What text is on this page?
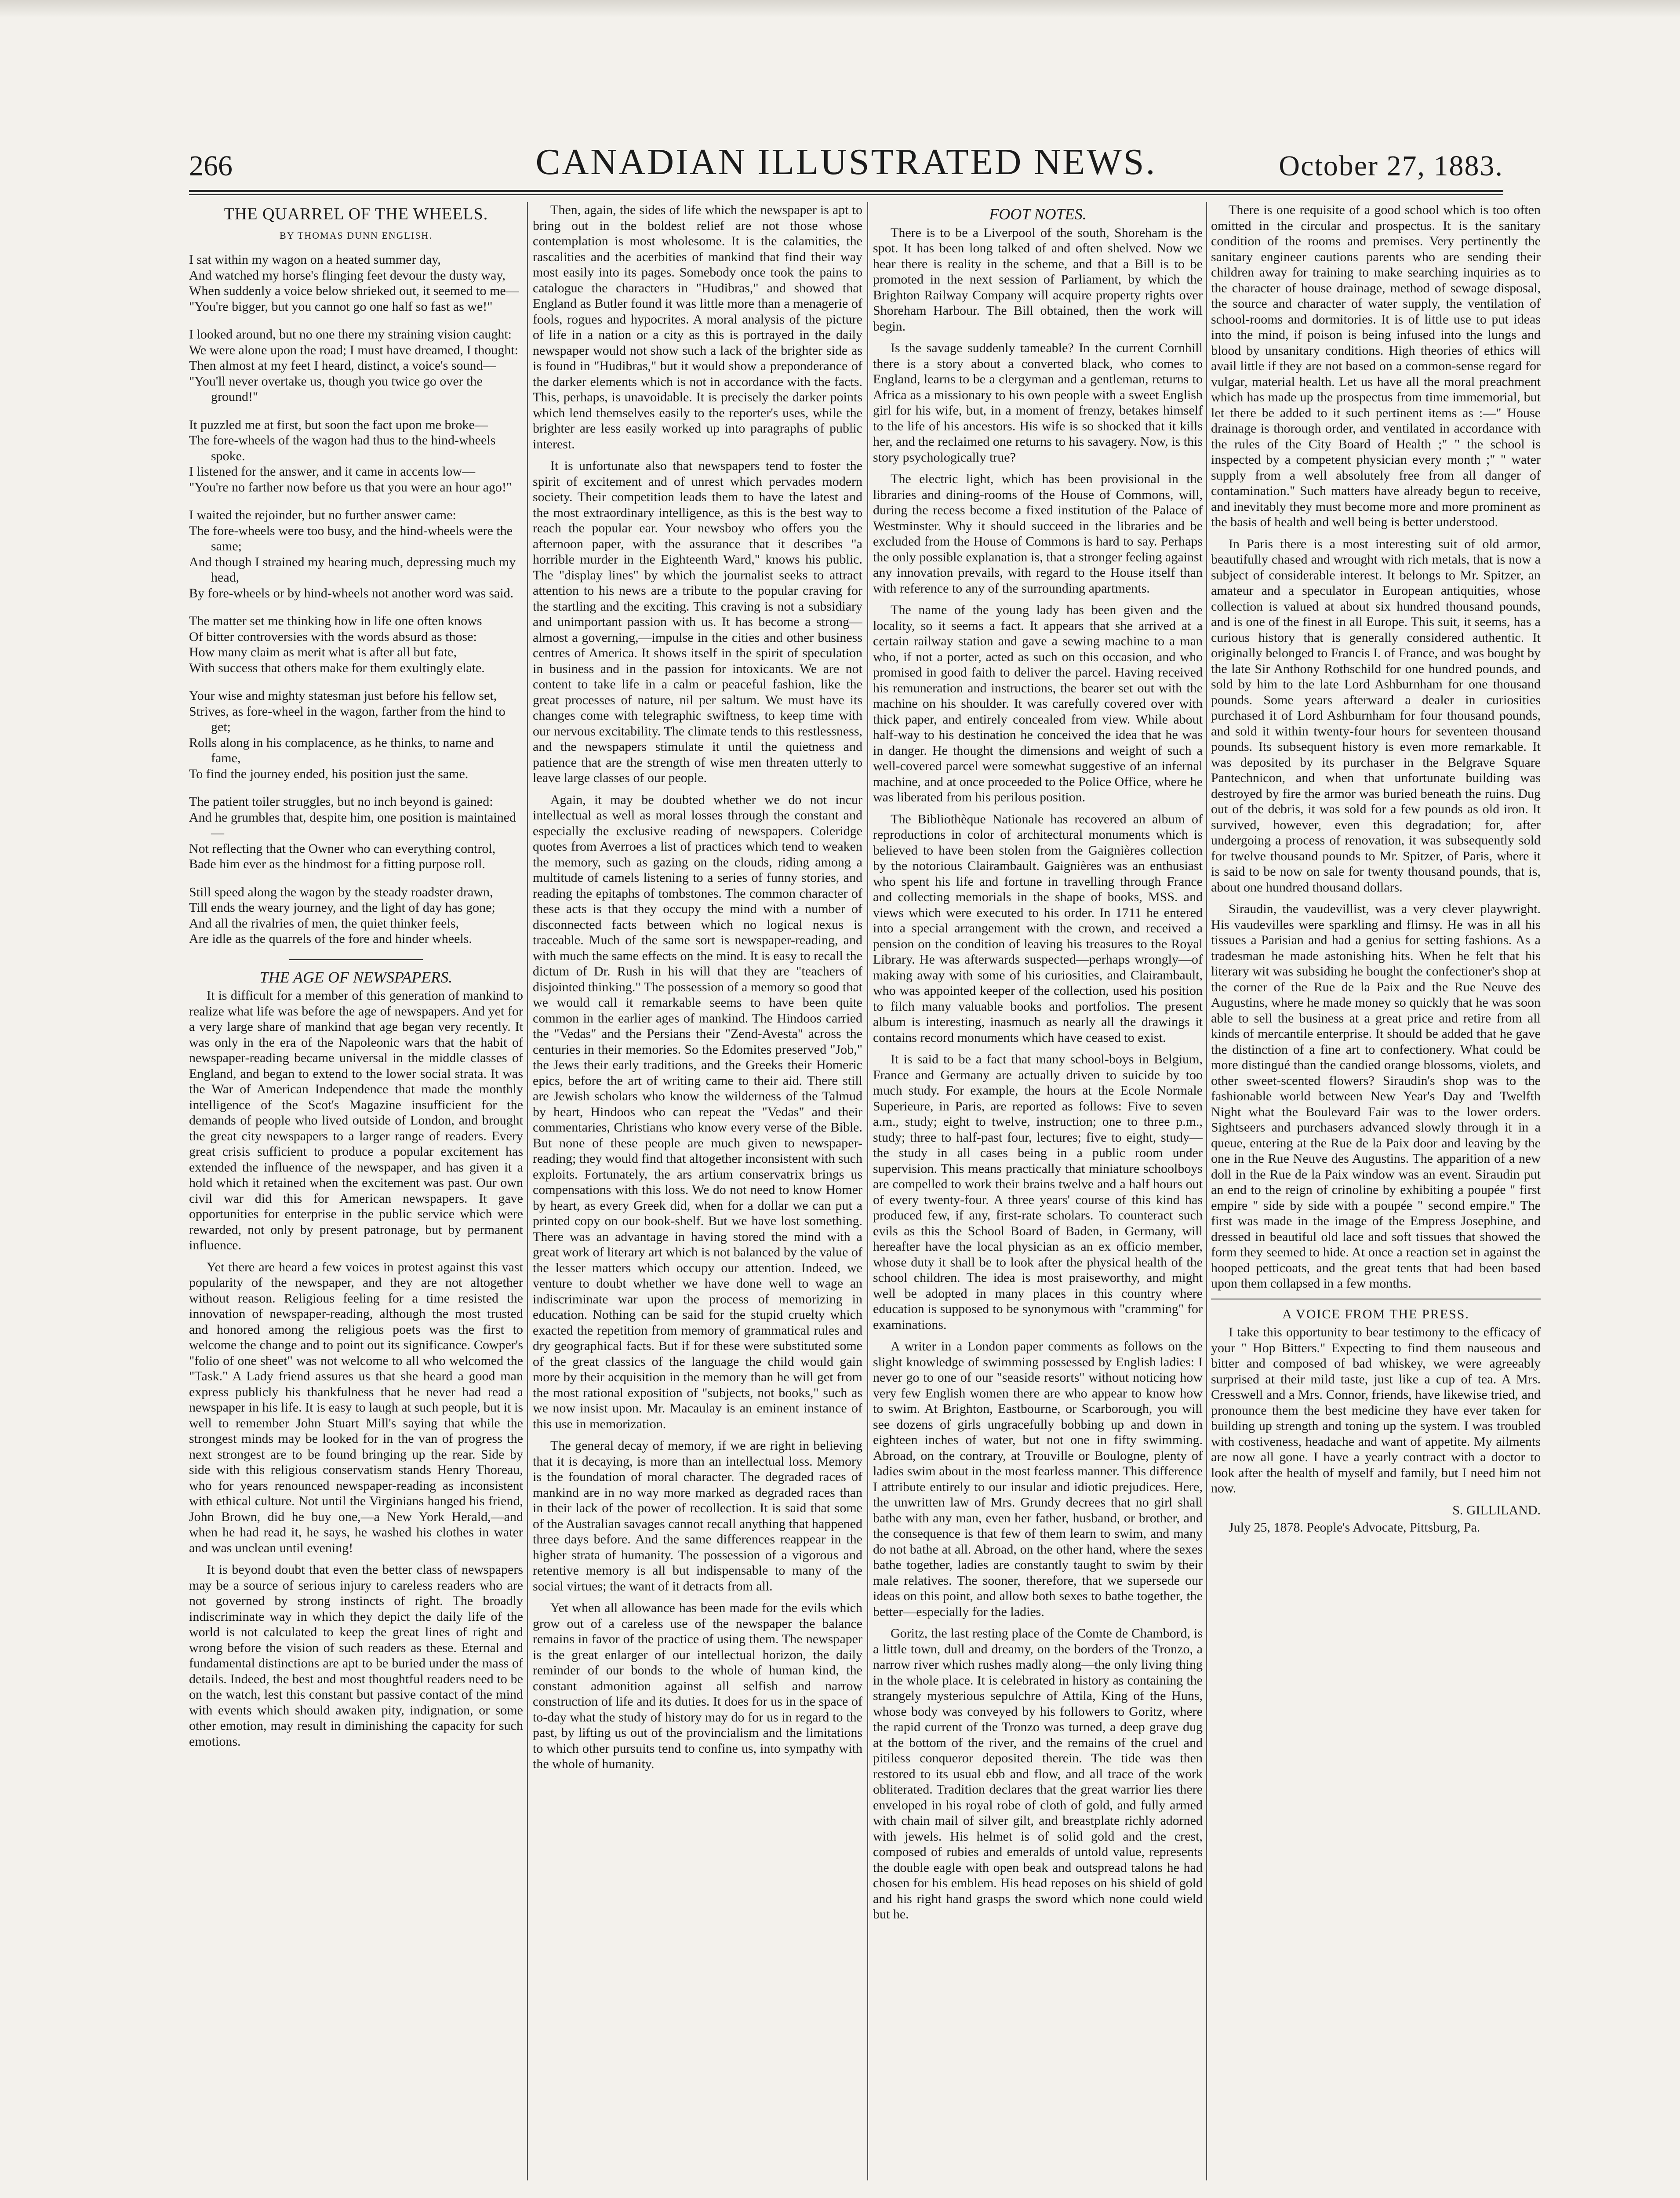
266	CANADIAN ILLUSTRATED NEWS.	October 27, 1883.
THE QUARREL OF THE WHEELS.
BY THOMAS DUNN ENGLISH.
I sat within my wagon on a heated summer day,
And watched my horse's flinging feet devour the dusty way,
When suddenly a voice below shrieked out, it seemed to me—
"You're bigger, but you cannot go one half so fast as we!"
I looked around, but no one there my straining vision caught:
We were alone upon the road; I must have dreamed, I thought:
Then almost at my feet I heard, distinct, a voice's sound—
"You'll never overtake us, though you twice go over the ground!"
It puzzled me at first, but soon the fact upon me broke—
The fore-wheels of the wagon had thus to the hind-wheels spoke.
I listened for the answer, and it came in accents low—
"You're no farther now before us that you were an hour ago!"
I waited the rejoinder, but no further answer came:
The fore-wheels were too busy, and the hind-wheels were the same;
And though I strained my hearing much, depressing much my head,
By fore-wheels or by hind-wheels not another word was said.
The matter set me thinking how in life one often knows
Of bitter controversies with the words absurd as those:
How many claim as merit what is after all but fate,
With success that others make for them exultingly elate.
Your wise and mighty statesman just before his fellow set,
Strives, as fore-wheel in the wagon, farther from the hind to get;
Rolls along in his complacence, as he thinks, to name and fame,
To find the journey ended, his position just the same.
The patient toiler struggles, but no inch beyond is gained:
And he grumbles that, despite him, one position is maintained—
Not reflecting that the Owner who can everything control,
Bade him ever as the hindmost for a fitting purpose roll.
Still speed along the wagon by the steady roadster drawn,
Till ends the weary journey, and the light of day has gone;
And all the rivalries of men, the quiet thinker feels,
Are idle as the quarrels of the fore and hinder wheels.
THE AGE OF NEWSPAPERS.

It is difficult for a member of this generation of mankind to realize what life was before the age of newspapers. And yet for a very large share of mankind that age began very recently. It was only in the era of the Napoleonic wars that the habit of newspaper-reading became universal in the middle classes of England, and began to extend to the lower social strata. It was the War of American Independence that made the monthly intelligence of the Scot's Magazine insufficient for the demands of people who lived outside of London, and brought the great city newspapers to a larger range of readers. Every great crisis sufficient to produce a popular excitement has extended the influence of the newspaper, and has given it a hold which it retained when the excitement was past. Our own civil war did this for American newspapers. It gave opportunities for enterprise in the public service which were rewarded, not only by present patronage, but by permanent influence.

Yet there are heard a few voices in protest against this vast popularity of the newspaper, and they are not altogether without reason. Religious feeling for a time resisted the innovation of newspaper-reading, although the most trusted and honored among the religious poets was the first to welcome the change and to point out its significance. Cowper's "folio of one sheet" was not welcome to all who welcomed the "Task." A Lady friend assures us that she heard a good man express publicly his thankfulness that he never had read a newspaper in his life. It is easy to laugh at such people, but it is well to remember John Stuart Mill's saying that while the strongest minds may be looked for in the van of progress the next strongest are to be found bringing up the rear. Side by side with this religious conservatism stands Henry Thoreau, who for years renounced newspaper-reading as inconsistent with ethical culture. Not until the Virginians hanged his friend, John Brown, did he buy one,—a New York Herald,—and when he had read it, he says, he washed his clothes in water and was unclean until evening!

It is beyond doubt that even the better class of newspapers may be a source of serious injury to careless readers who are not governed by strong instincts of right. The broadly indiscriminate way in which they depict the daily life of the world is not calculated to keep the great lines of right and wrong before the vision of such readers as these. Eternal and fundamental distinctions are apt to be buried under the mass of details. Indeed, the best and most thoughtful readers need to be on the watch, lest this constant but passive contact of the mind with events which should awaken pity, indignation, or some other emotion, may result in diminishing the capacity for such emotions.

Then, again, the sides of life which the newspaper is apt to bring out in the boldest relief are not those whose contemplation is most wholesome. It is the calamities, the rascalities and the acerbities of mankind that find their way most easily into its pages. Somebody once took the pains to catalogue the characters in "Hudibras," and showed that England as Butler found it was little more than a menagerie of fools, rogues and hypocrites. A moral analysis of the picture of life in a nation or a city as this is portrayed in the daily newspaper would not show such a lack of the brighter side as is found in "Hudibras," but it would show a preponderance of the darker elements which is not in accordance with the facts. This, perhaps, is unavoidable. It is precisely the darker points which lend themselves easily to the reporter's uses, while the brighter are less easily worked up into paragraphs of public interest.

It is unfortunate also that newspapers tend to foster the spirit of excitement and of unrest which pervades modern society. Their competition leads them to have the latest and the most extraordinary intelligence, as this is the best way to reach the popular ear. Your newsboy who offers you the afternoon paper, with the assurance that it describes "a horrible murder in the Eighteenth Ward," knows his public. The "display lines" by which the journalist seeks to attract attention to his news are a tribute to the popular craving for the startling and the exciting. This craving is not a subsidiary and unimportant passion with us. It has become a strong—almost a governing,—impulse in the cities and other business centres of America. It shows itself in the spirit of speculation in business and in the passion for intoxicants. We are not content to take life in a calm or peaceful fashion, like the great processes of nature, nil per saltum. We must have its changes come with telegraphic swiftness, to keep time with our nervous excitability. The climate tends to this restlessness, and the newspapers stimulate it until the quietness and patience that are the strength of wise men threaten utterly to leave large classes of our people.

Again, it may be doubted whether we do not incur intellectual as well as moral losses through the constant and especially the exclusive reading of newspapers. Coleridge quotes from Averroes a list of practices which tend to weaken the memory, such as gazing on the clouds, riding among a multitude of camels listening to a series of funny stories, and reading the epitaphs of tombstones. The common character of these acts is that they occupy the mind with a number of disconnected facts between which no logical nexus is traceable. Much of the same sort is newspaper-reading, and with much the same effects on the mind. It is easy to recall the dictum of Dr. Rush in his will that they are "teachers of disjointed thinking." The possession of a memory so good that we would call it remarkable seems to have been quite common in the earlier ages of mankind. The Hindoos carried the "Vedas" and the Persians their "Zend-Avesta" across the centuries in their memories. So the Edomites preserved "Job," the Jews their early traditions, and the Greeks their Homeric epics, before the art of writing came to their aid. There still are Jewish scholars who know the wilderness of the Talmud by heart, Hindoos who can repeat the "Vedas" and their commentaries, Christians who know every verse of the Bible. But none of these people are much given to newspaper-reading; they would find that altogether inconsistent with such exploits. Fortunately, the ars artium conservatrix brings us compensations with this loss. We do not need to know Homer by heart, as every Greek did, when for a dollar we can put a printed copy on our book-shelf. But we have lost something. There was an advantage in having stored the mind with a great work of literary art which is not balanced by the value of the lesser matters which occupy our attention. Indeed, we venture to doubt whether we have done well to wage an indiscriminate war upon the process of memorizing in education. Nothing can be said for the stupid cruelty which exacted the repetition from memory of grammatical rules and dry geographical facts. But if for these were substituted some of the great classics of the language the child would gain more by their acquisition in the memory than he will get from the most rational exposition of "subjects, not books," such as we now insist upon. Mr. Macaulay is an eminent instance of this use in memorization.

The general decay of memory, if we are right in believing that it is decaying, is more than an intellectual loss. Memory is the foundation of moral character. The degraded races of mankind are in no way more marked as degraded races than in their lack of the power of recollection. It is said that some of the Australian savages cannot recall anything that happened three days before. And the same differences reappear in the higher strata of humanity. The possession of a vigorous and retentive memory is all but indispensable to many of the social virtues; the want of it detracts from all.

Yet when all allowance has been made for the evils which grow out of a careless use of the newspaper the balance remains in favor of the practice of using them. The newspaper is the great enlarger of our intellectual horizon, the daily reminder of our bonds to the whole of human kind, the constant admonition against all selfish and narrow construction of life and its duties. It does for us in the space of to-day what the study of history may do for us in regard to the past, by lifting us out of the provincialism and the limitations to which other pursuits tend to confine us, into sympathy with the whole of humanity.

FOOT NOTES.

There is to be a Liverpool of the south, Shoreham is the spot. It has been long talked of and often shelved. Now we hear there is reality in the scheme, and that a Bill is to be promoted in the next session of Parliament, by which the Brighton Railway Company will acquire property rights over Shoreham Harbour. The Bill obtained, then the work will begin.

Is the savage suddenly tameable? In the current Cornhill there is a story about a converted black, who comes to England, learns to be a clergyman and a gentleman, returns to Africa as a missionary to his own people with a sweet English girl for his wife, but, in a moment of frenzy, betakes himself to the life of his ancestors. His wife is so shocked that it kills her, and the reclaimed one returns to his savagery. Now, is this story psychologically true?

The electric light, which has been provisional in the libraries and dining-rooms of the House of Commons, will, during the recess become a fixed institution of the Palace of Westminster. Why it should succeed in the libraries and be excluded from the House of Commons is hard to say. Perhaps the only possible explanation is, that a stronger feeling against any innovation prevails, with regard to the House itself than with reference to any of the surrounding apartments.

The name of the young lady has been given and the locality, so it seems a fact. It appears that she arrived at a certain railway station and gave a sewing machine to a man who, if not a porter, acted as such on this occasion, and who promised in good faith to deliver the parcel. Having received his remuneration and instructions, the bearer set out with the machine on his shoulder. It was carefully covered over with thick paper, and entirely concealed from view. While about half-way to his destination he conceived the idea that he was in danger. He thought the dimensions and weight of such a well-covered parcel were somewhat suggestive of an infernal machine, and at once proceeded to the Police Office, where he was liberated from his perilous position.

The Bibliothèque Nationale has recovered an album of reproductions in color of architectural monuments which is believed to have been stolen from the Gaignières collection by the notorious Clairambault. Gaignières was an enthusiast who spent his life and fortune in travelling through France and collecting memorials in the shape of books, MSS. and views which were executed to his order. In 1711 he entered into a special arrangement with the crown, and received a pension on the condition of leaving his treasures to the Royal Library. He was afterwards suspected—perhaps wrongly—of making away with some of his curiosities, and Clairambault, who was appointed keeper of the collection, used his position to filch many valuable books and portfolios. The present album is interesting, inasmuch as nearly all the drawings it contains record monuments which have ceased to exist.

It is said to be a fact that many school-boys in Belgium, France and Germany are actually driven to suicide by too much study. For example, the hours at the Ecole Normale Superieure, in Paris, are reported as follows: Five to seven a.m., study; eight to twelve, instruction; one to three p.m., study; three to half-past four, lectures; five to eight, study—the study in all cases being in a public room under supervision. This means practically that miniature schoolboys are compelled to work their brains twelve and a half hours out of every twenty-four. A three years' course of this kind has produced few, if any, first-rate scholars. To counteract such evils as this the School Board of Baden, in Germany, will hereafter have the local physician as an ex officio member, whose duty it shall be to look after the physical health of the school children. The idea is most praiseworthy, and might well be adopted in many places in this country where education is supposed to be synonymous with "cramming" for examinations.

A writer in a London paper comments as follows on the slight knowledge of swimming possessed by English ladies: I never go to one of our "seaside resorts" without noticing how very few English women there are who appear to know how to swim. At Brighton, Eastbourne, or Scarborough, you will see dozens of girls ungracefully bobbing up and down in eighteen inches of water, but not one in fifty swimming. Abroad, on the contrary, at Trouville or Boulogne, plenty of ladies swim about in the most fearless manner. This difference I attribute entirely to our insular and idiotic prejudices. Here, the unwritten law of Mrs. Grundy decrees that no girl shall bathe with any man, even her father, husband, or brother, and the consequence is that few of them learn to swim, and many do not bathe at all. Abroad, on the other hand, where the sexes bathe together, ladies are constantly taught to swim by their male relatives. The sooner, therefore, that we supersede our ideas on this point, and allow both sexes to bathe together, the better—especially for the ladies.

Goritz, the last resting place of the Comte de Chambord, is a little town, dull and dreamy, on the borders of the Tronzo, a narrow river which rushes madly along—the only living thing in the whole place. It is celebrated in history as containing the strangely mysterious sepulchre of Attila, King of the Huns, whose body was conveyed by his followers to Goritz, where the rapid current of the Tronzo was turned, a deep grave dug at the bottom of the river, and the remains of the cruel and pitiless conqueror deposited therein. The tide was then restored to its usual ebb and flow, and all trace of the work obliterated. Tradition declares that the great warrior lies there enveloped in his royal robe of cloth of gold, and fully armed with chain mail of silver gilt, and breastplate richly adorned with jewels. His helmet is of solid gold and the crest, composed of rubies and emeralds of untold value, represents the double eagle with open beak and outspread talons he had chosen for his emblem. His head reposes on his shield of gold and his right hand grasps the sword which none could wield but he.

There is one requisite of a good school which is too often omitted in the circular and prospectus. It is the sanitary condition of the rooms and premises. Very pertinently the sanitary engineer cautions parents who are sending their children away for training to make searching inquiries as to the character of house drainage, method of sewage disposal, the source and character of water supply, the ventilation of school-rooms and dormitories. It is of little use to put ideas into the mind, if poison is being infused into the lungs and blood by unsanitary conditions. High theories of ethics will avail little if they are not based on a common-sense regard for vulgar, material health. Let us have all the moral preachment which has made up the prospectus from time immemorial, but let there be added to it such pertinent items as :—" House drainage is thorough order, and ventilated in accordance with the rules of the City Board of Health ;" " the school is inspected by a competent physician every month ;" " water supply from a well absolutely free from all danger of contamination." Such matters have already begun to receive, and inevitably they must become more and more prominent as the basis of health and well being is better understood.

In Paris there is a most interesting suit of old armor, beautifully chased and wrought with rich metals, that is now a subject of considerable interest. It belongs to Mr. Spitzer, an amateur and a speculator in European antiquities, whose collection is valued at about six hundred thousand pounds, and is one of the finest in all Europe. This suit, it seems, has a curious history that is generally considered authentic. It originally belonged to Francis I. of France, and was bought by the late Sir Anthony Rothschild for one hundred pounds, and sold by him to the late Lord Ashburnham for one thousand pounds. Some years afterward a dealer in curiosities purchased it of Lord Ashburnham for four thousand pounds, and sold it within twenty-four hours for seventeen thousand pounds. Its subsequent history is even more remarkable. It was deposited by its purchaser in the Belgrave Square Pantechnicon, and when that unfortunate building was destroyed by fire the armor was buried beneath the ruins. Dug out of the debris, it was sold for a few pounds as old iron. It survived, however, even this degradation; for, after undergoing a process of renovation, it was subsequently sold for twelve thousand pounds to Mr. Spitzer, of Paris, where it is said to be now on sale for twenty thousand pounds, that is, about one hundred thousand dollars.

Siraudin, the vaudevillist, was a very clever playwright. His vaudevilles were sparkling and flimsy. He was in all his tissues a Parisian and had a genius for setting fashions. As a tradesman he made astonishing hits. When he felt that his literary wit was subsiding he bought the confectioner's shop at the corner of the Rue de la Paix and the Rue Neuve des Augustins, where he made money so quickly that he was soon able to sell the business at a great price and retire from all kinds of mercantile enterprise. It should be added that he gave the distinction of a fine art to confectionery. What could be more distingué than the candied orange blossoms, violets, and other sweet-scented flowers? Siraudin's shop was to the fashionable world between New Year's Day and Twelfth Night what the Boulevard Fair was to the lower orders. Sightseers and purchasers advanced slowly through it in a queue, entering at the Rue de la Paix door and leaving by the one in the Rue Neuve des Augustins. The apparition of a new doll in the Rue de la Paix window was an event. Siraudin put an end to the reign of crinoline by exhibiting a poupée " first empire " side by side with a poupée " second empire." The first was made in the image of the Empress Josephine, and dressed in beautiful old lace and soft tissues that showed the form they seemed to hide. At once a reaction set in against the hooped petticoats, and the great tents that had been based upon them collapsed in a few months.

A VOICE FROM THE PRESS.

I take this opportunity to bear testimony to the efficacy of your " Hop Bitters." Expecting to find them nauseous and bitter and composed of bad whiskey, we were agreeably surprised at their mild taste, just like a cup of tea. A Mrs. Cresswell and a Mrs. Connor, friends, have likewise tried, and pronounce them the best medicine they have ever taken for building up strength and toning up the system. I was troubled with costiveness, headache and want of appetite. My ailments are now all gone. I have a yearly contract with a doctor to look after the health of myself and family, but I need him not now.

S. GILLILAND.
July 25, 1878. People's Advocate, Pittsburg, Pa.
